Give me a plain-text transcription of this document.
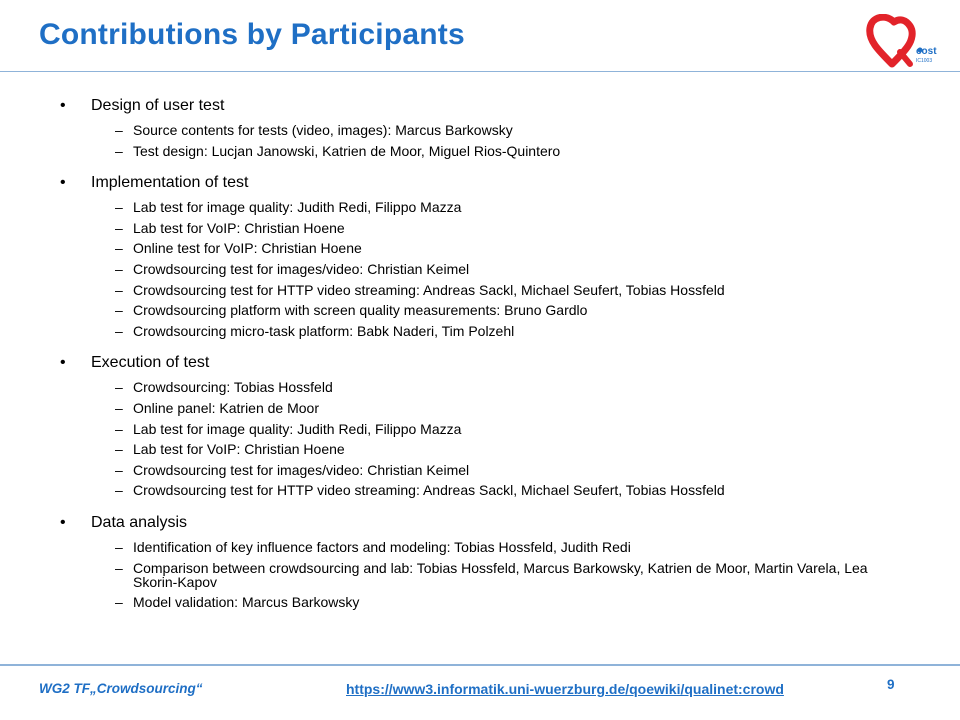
Contributions by Participants
cost
IC1003
• Design of user test
– Source contents for tests (video, images): Marcus Barkowsky
– Test design: Lucjan Janowski, Katrien de Moor, Miguel Rios-Quintero
• Implementation of test
– Lab test for image quality: Judith Redi, Filippo Mazza
– Lab test for VoIP: Christian Hoene
– Online test for VoIP: Christian Hoene
– Crowdsourcing test for images/video: Christian Keimel
– Crowdsourcing test for HTTP video streaming: Andreas Sackl, Michael Seufert, Tobias Hossfeld
– Crowdsourcing platform with screen quality measurements: Bruno Gardlo
– Crowdsourcing micro-task platform: Babk Naderi, Tim Polzehl
• Execution of test
– Crowdsourcing: Tobias Hossfeld
– Online panel: Katrien de Moor
– Lab test for image quality: Judith Redi, Filippo Mazza
– Lab test for VoIP: Christian Hoene
– Crowdsourcing test for images/video: Christian Keimel
– Crowdsourcing test for HTTP video streaming: Andreas Sackl, Michael Seufert, Tobias Hossfeld
• Data analysis
– Identification of key influence factors and modeling: Tobias Hossfeld, Judith Redi
– Comparison between crowdsourcing and lab: Tobias Hossfeld, Marcus Barkowsky, Katrien de Moor, Martin Varela, Lea Skorin-Kapov
– Model validation: Marcus Barkowsky
WG2 TF„Crowdsourcing“	https://www3.informatik.uni-wuerzburg.de/qoewiki/qualinet:crowd	9
